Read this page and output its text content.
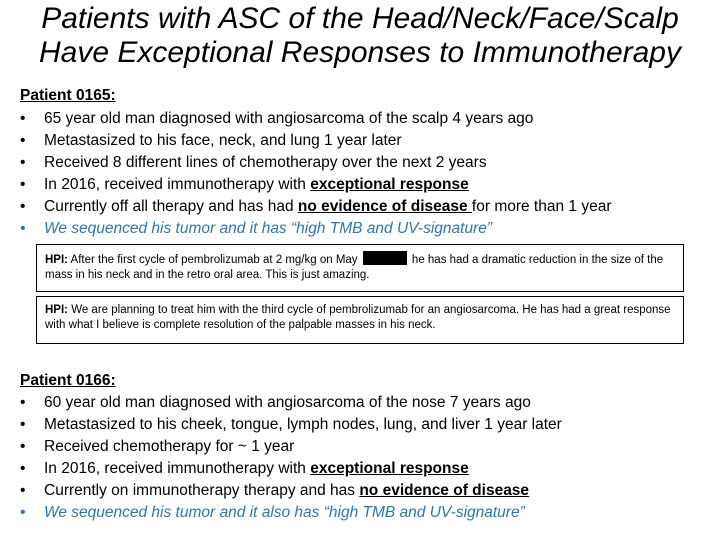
Patients with ASC of the Head/Neck/Face/Scalp
Have Exceptional Responses to Immunotherapy
Patient 0165:
• 65 year old man diagnosed with angiosarcoma of the scalp 4 years ago
• Metastasized to his face, neck, and lung 1 year later
• Received 8 different lines of chemotherapy over the next 2 years
• In 2016, received immunotherapy with exceptional response
• Currently off all therapy and has had no evidence of disease for more than 1 year
• We sequenced his tumor and it has “high TMB and UV-signature”
HPI: After the first cycle of pembrolizumab at 2 mg/kg on May	he has had a dramatic reduction in the size of the mass in his neck and in the retro oral area. This is just amazing.
HPI: We are planning to treat him with the third cycle of pembrolizumab for an angiosarcoma. He has had a great response with what I believe is complete resolution of the palpable masses in his neck.
Patient 0166:
• 60 year old man diagnosed with angiosarcoma of the nose 7 years ago
• Metastasized to his cheek, tongue, lymph nodes, lung, and liver 1 year later
• Received chemotherapy for ~ 1 year
• In 2016, received immunotherapy with exceptional response
• Currently on immunotherapy therapy and has no evidence of disease
• We sequenced his tumor and it also has “high TMB and UV-signature”
